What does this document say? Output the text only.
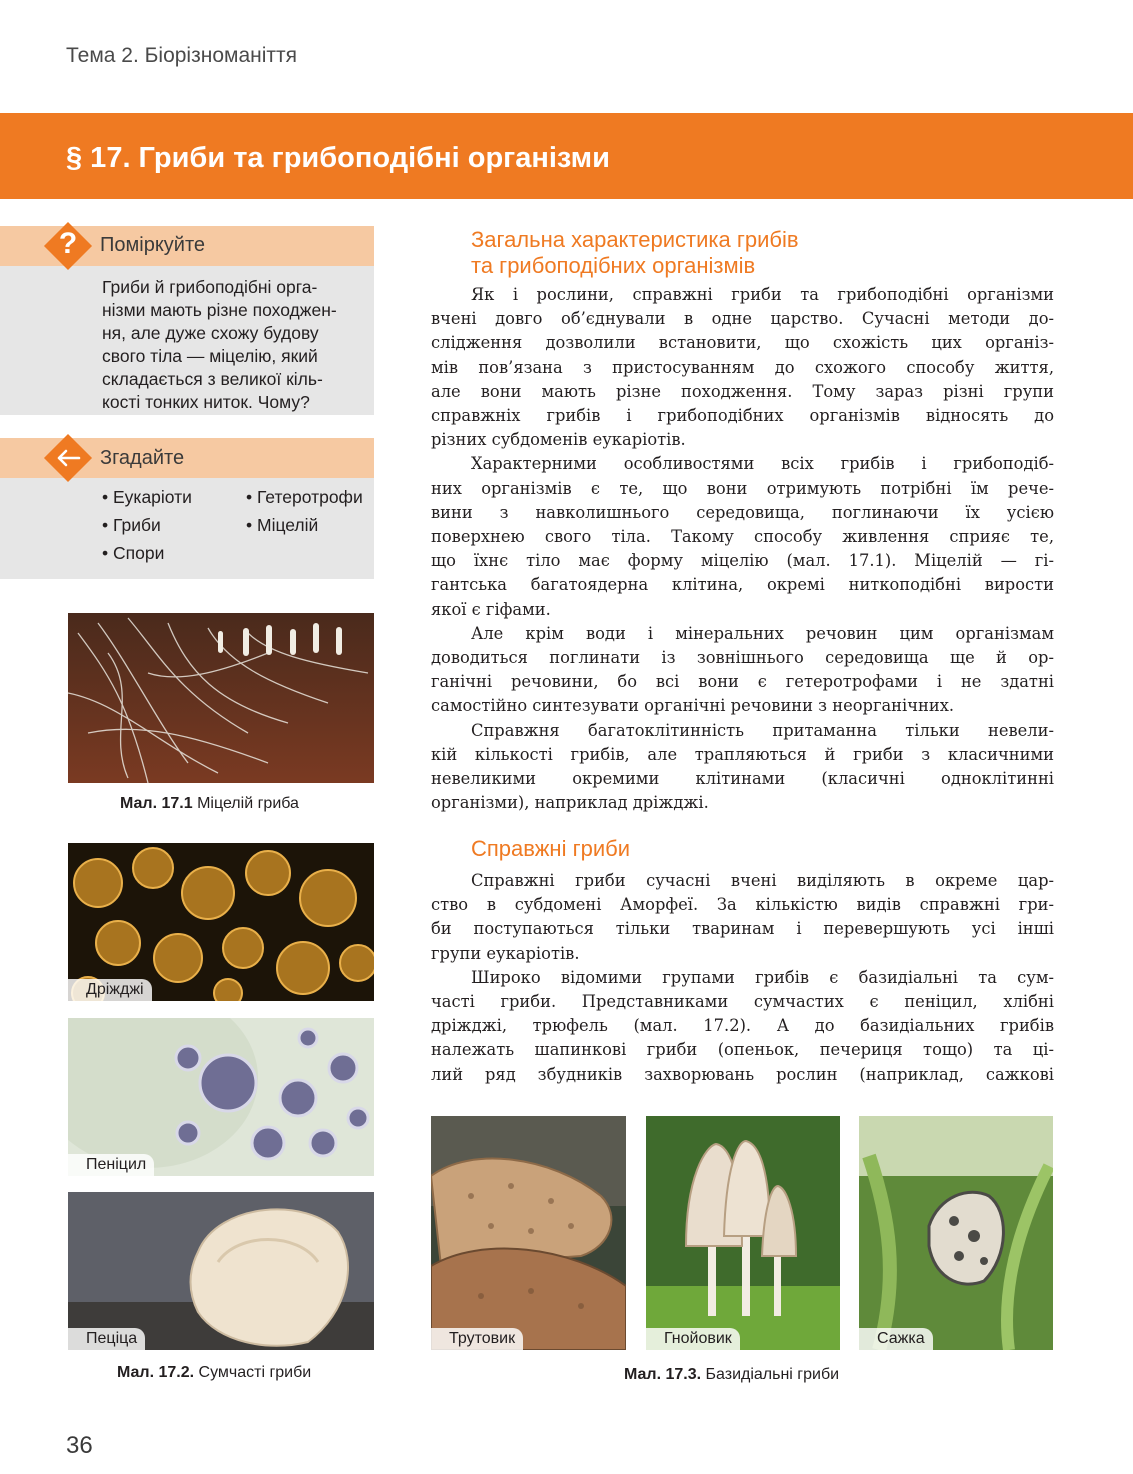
Тема 2. Біорізноманіття
§ 17. Гриби та грибоподібні організми
?	Поміркуйте
Гриби й грибоподібні орга-
нізми мають різне походжен-
ня, але дуже схожу будову
свого тіла — міцелію, який
складається з великої кіль-
кості тонких ниток. Чому?
Згадайте
• Еукаріоти	• Гетеротрофи
• Гриби	• Міцелій
• Спори
Мал. 17.1 Міцелій гриба
Дріжджі
Пеніцил
Пеціца
Мал. 17.2. Сумчасті гриби
Загальна характеристика грибів
та грибоподібних організмів
Як і рослини, справжні гриби та грибоподібні організми
вчені довго об’єднували в одне царство. Сучасні методи до-
слідження дозволили встановити, що схожість цих організ-
мів пов’язана з пристосуванням до схожого способу життя,
але вони мають різне походження. Тому зараз різні групи
справжніх грибів і грибоподібних організмів відносять до
різних субдоменів еукаріотів.
Характерними особливостями всіх грибів і грибоподіб-
них організмів є те, що вони отримують потрібні їм рече-
вини з навколишнього середовища, поглинаючи їх усією
поверхнею свого тіла. Такому способу живлення сприяє те,
що їхнє тіло має форму міцелію (мал. 17.1). Міцелій — гі-
гантська багатоядерна клітина, окремі ниткоподібні вирости
якої є гіфами.
Але крім води і мінеральних речовин цим організмам
доводиться поглинати із зовнішнього середовища ще й ор-
ганічні речовини, бо всі вони є гетеротрофами і не здатні
самостійно синтезувати органічні речовини з неорганічних.
Справжня багатоклітинність притаманна тільки невели-
кій кількості грибів, але трапляються й гриби з класичними
невеликими окремими клітинами (класичні одноклітинні
організми), наприклад дріжджі.
Справжні гриби
Справжні гриби сучасні вчені виділяють в окреме цар-
ство в субдомені Аморфеї. За кількістю видів справжні гри-
би поступаються тільки тваринам і перевершують усі інші
групи еукаріотів.
Широко відомими групами грибів є базидіальні та сум-
часті гриби. Представниками сумчастих є пеніцил, хлібні
дріжджі, трюфель (мал. 17.2). А до базидіальних грибів
належать шапинкові гриби (опеньок, печериця тощо) та ці-
лий ряд збудників захворювань рослин (наприклад, сажкові
Трутовик	Гнойовик	Сажка
Мал. 17.3. Базидіальні гриби
36
